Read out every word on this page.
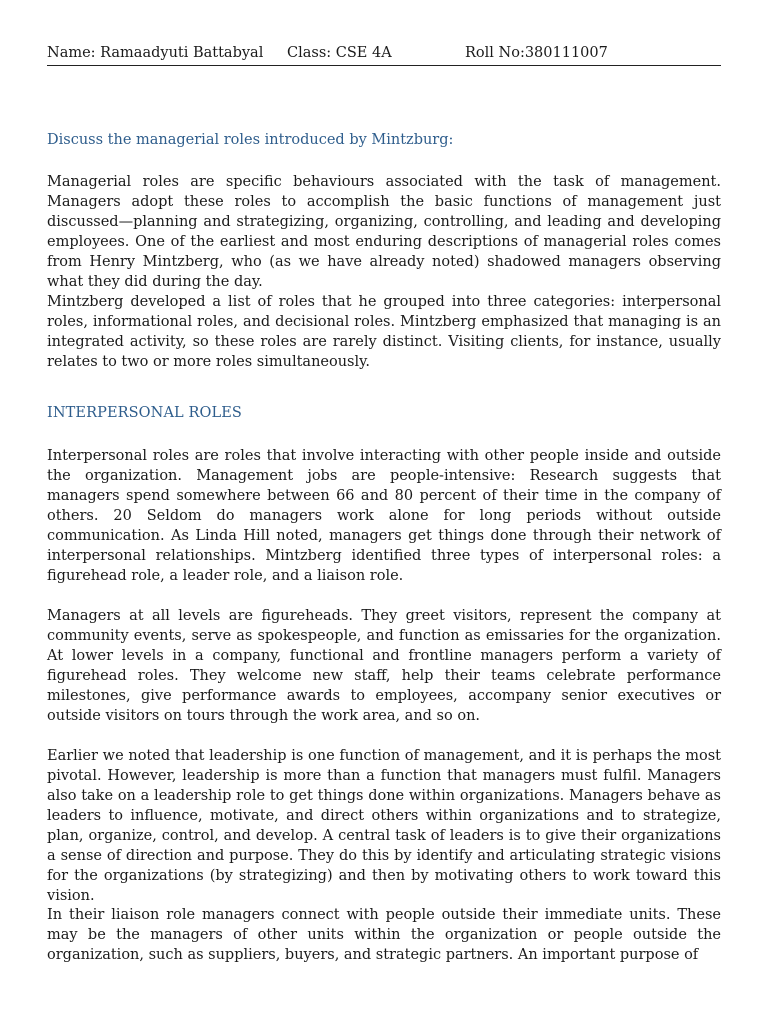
Name: Ramaadyuti Battabyal Class: CSE 4A	Roll No:380111007
Discuss the managerial roles introduced by Mintzburg:

Managerial roles are specific behaviours associated with the task of management. Managers adopt these roles to accomplish the basic functions of management just discussed—planning and strategizing, organizing, controlling, and leading and developing employees. One of the earliest and most enduring descriptions of managerial roles comes from Henry Mintzberg, who (as we have already noted) shadowed managers observing what they did during the day.

Mintzberg developed a list of roles that he grouped into three categories: interpersonal roles, informational roles, and decisional roles. Mintzberg emphasized that managing is an integrated activity, so these roles are rarely distinct. Visiting clients, for instance, usually relates to two or more roles simultaneously.

INTERPERSONAL ROLES

Interpersonal roles are roles that involve interacting with other people inside and outside the organization. Management jobs are people-intensive: Research suggests that managers spend somewhere between 66 and 80 percent of their time in the company of others. 20 Seldom do managers work alone for long periods without outside communication. As Linda Hill noted, managers get things done through their network of interpersonal relationships. Mintzberg identified three types of interpersonal roles: a figurehead role, a leader role, and a liaison role.

Managers at all levels are figureheads. They greet visitors, represent the company at community events, serve as spokespeople, and function as emissaries for the organization. At lower levels in a company, functional and frontline managers perform a variety of figurehead roles. They welcome new staff, help their teams celebrate performance milestones, give performance awards to employees, accompany senior executives or outside visitors on tours through the work area, and so on.

Earlier we noted that leadership is one function of management, and it is perhaps the most pivotal. However, leadership is more than a function that managers must fulfil. Managers also take on a leadership role to get things done within organizations. Managers behave as leaders to influence, motivate, and direct others within organizations and to strategize, plan, organize, control, and develop. A central task of leaders is to give their organizations a sense of direction and purpose. They do this by identify and articulating strategic visions for the organizations (by strategizing) and then by motivating others to work toward this vision.

In their liaison role managers connect with people outside their immediate units. These may be the managers of other units within the organization or people outside the organization, such as suppliers, buyers, and strategic partners. An important purpose of
